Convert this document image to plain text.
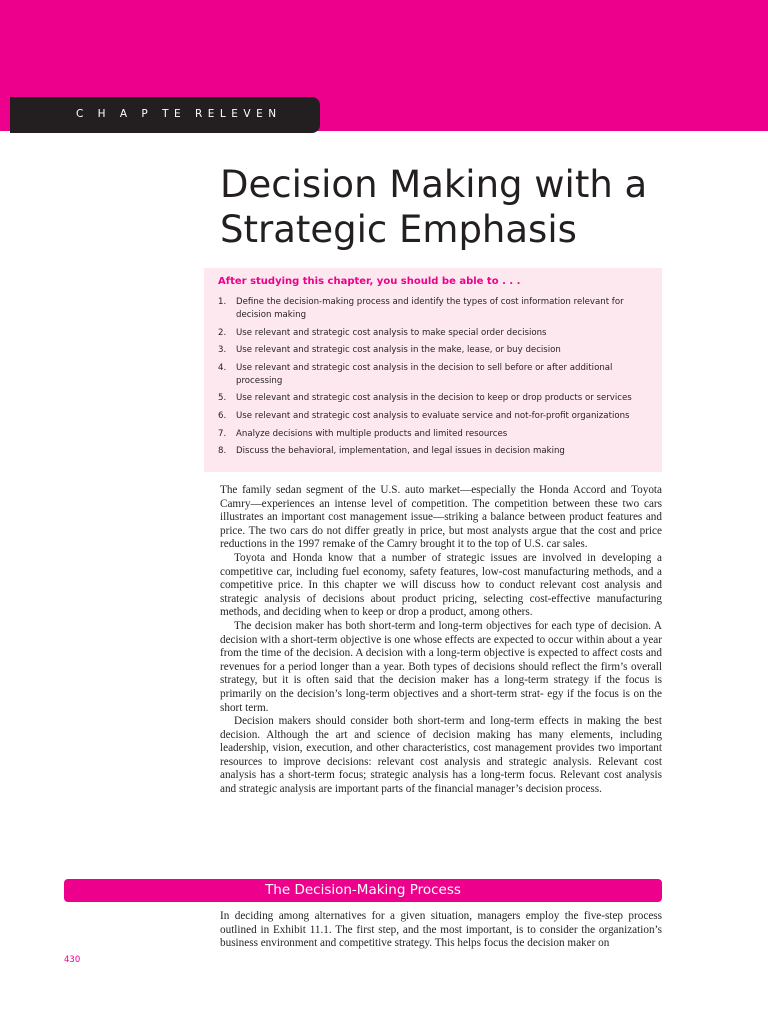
C H A P TE RELEVEN
Decision Making with a
Strategic Emphasis
After studying this chapter, you should be able to . . .
1. Define the decision-making process and identify the types of cost information relevant for decision making
2. Use relevant and strategic cost analysis to make special order decisions
3. Use relevant and strategic cost analysis in the make, lease, or buy decision
4. Use relevant and strategic cost analysis in the decision to sell before or after additional processing
5. Use relevant and strategic cost analysis in the decision to keep or drop products or services
6. Use relevant and strategic cost analysis to evaluate service and not-for-profit organizations
7. Analyze decisions with multiple products and limited resources
8. Discuss the behavioral, implementation, and legal issues in decision making

The family sedan segment of the U.S. auto market—especially the Honda Accord and Toyota Camry—experiences an intense level of competition. The competition between these two cars illustrates an important cost management issue—striking a balance between product features and price. The two cars do not differ greatly in price, but most analysts argue that the cost and price reductions in the 1997 remake of the Camry brought it to the top of U.S. car sales.

Toyota and Honda know that a number of strategic issues are involved in developing a competitive car, including fuel economy, safety features, low-cost manufacturing methods, and a competitive price. In this chapter we will discuss how to conduct relevant cost analysis and strategic analysis of decisions about product pricing, selecting cost-effective manufacturing methods, and deciding when to keep or drop a product, among others.

The decision maker has both short-term and long-term objectives for each type of decision. A decision with a short-term objective is one whose effects are expected to occur within about a year from the time of the decision. A decision with a long-term objective is expected to affect costs and revenues for a period longer than a year. Both types of decisions should reflect the firm’s overall strategy, but it is often said that the decision maker has a long-term strategy if the focus is primarily on the decision’s long-term objectives and a short-term strat- egy if the focus is on the short term.

Decision makers should consider both short-term and long-term effects in making the best decision. Although the art and science of decision making has many elements, including leadership, vision, execution, and other characteristics, cost management provides two important resources to improve decisions: relevant cost analysis and strategic analysis. Relevant cost analysis has a short-term focus; strategic analysis has a long-term focus. Relevant cost analysis and strategic analysis are important parts of the financial manager’s decision process.

The Decision-Making Process
In deciding among alternatives for a given situation, managers employ the five-step process outlined in Exhibit 11.1. The first step, and the most important, is to consider the organization’s business environment and competitive strategy. This helps focus the decision maker on
430
